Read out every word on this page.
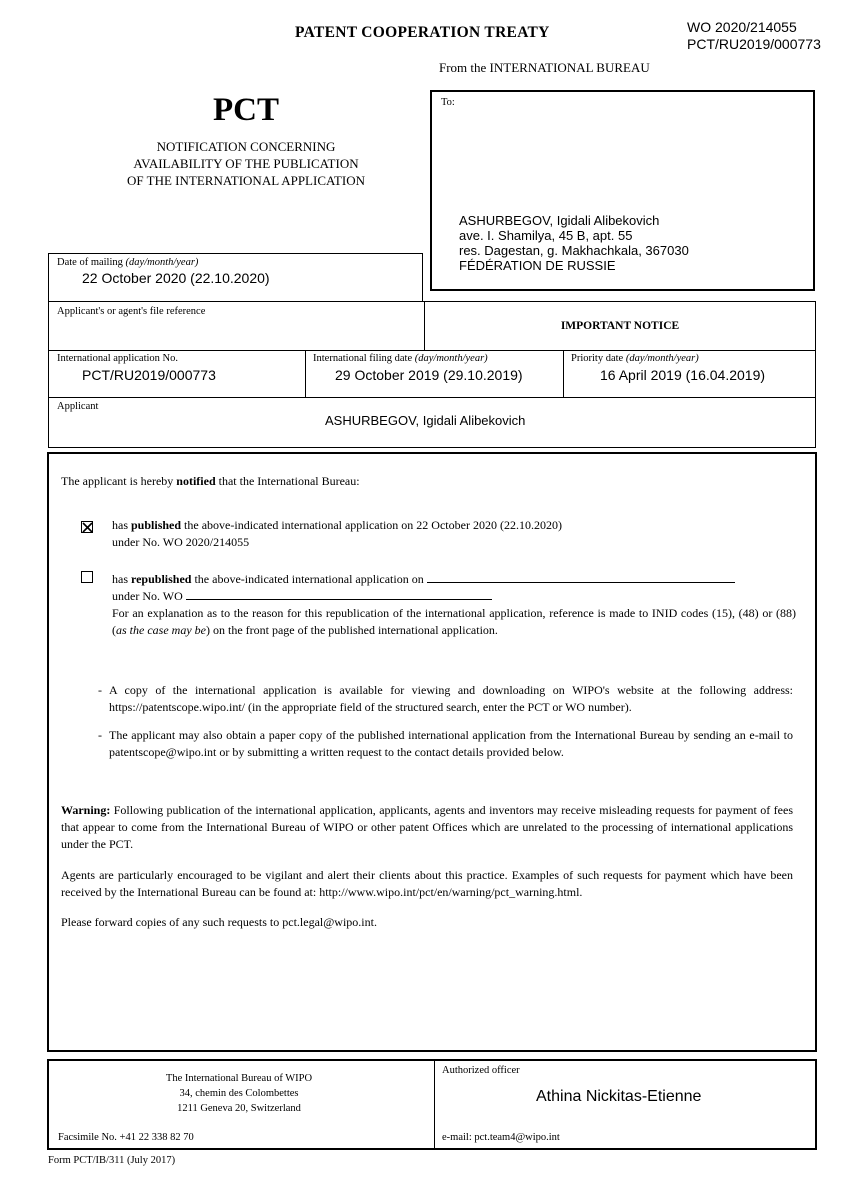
PATENT COOPERATION TREATY	WO 2020/214055
PCT/RU2019/000773
From the INTERNATIONAL BUREAU
PCT
NOTIFICATION CONCERNING
AVAILABILITY OF THE PUBLICATION
OF THE INTERNATIONAL APPLICATION
To:
ASHURBEGOV, Igidali Alibekovich
ave. I. Shamilya, 45 B, apt. 55
res. Dagestan, g. Makhachkala, 367030
FÉDÉRATION DE RUSSIE
Date of mailing (day/month/year)
22 October 2020 (22.10.2020)
Applicant's or agent's file reference
IMPORTANT NOTICE
International application No.
PCT/RU2019/000773
International filing date (day/month/year)
29 October 2019 (29.10.2019)
Priority date (day/month/year)
16 April 2019 (16.04.2019)
Applicant
ASHURBEGOV, Igidali Alibekovich
The applicant is hereby notified that the International Bureau:
has published the above-indicated international application on 22 October 2020 (22.10.2020)
under No. WO 2020/214055
has republished the above-indicated international application on
under No. WO
For an explanation as to the reason for this republication of the international application, reference is made to INID codes (15), (48) or (88) (as the case may be) on the front page of the published international application.
- A copy of the international application is available for viewing and downloading on WIPO's website at the following address: https://patentscope.wipo.int/ (in the appropriate field of the structured search, enter the PCT or WO number).
- The applicant may also obtain a paper copy of the published international application from the International Bureau by sending an e-mail to patentscope@wipo.int or by submitting a written request to the contact details provided below.
Warning: Following publication of the international application, applicants, agents and inventors may receive misleading requests for payment of fees that appear to come from the International Bureau of WIPO or other patent Offices which are unrelated to the processing of international applications under the PCT.
Agents are particularly encouraged to be vigilant and alert their clients about this practice. Examples of such requests for payment which have been received by the International Bureau can be found at: http://www.wipo.int/pct/en/warning/pct_warning.html.
Please forward copies of any such requests to pct.legal@wipo.int.
The International Bureau of WIPO
34, chemin des Colombettes
1211 Geneva 20, Switzerland
Facsimile No. +41 22 338 82 70
Authorized officer
Athina Nickitas-Etienne
e-mail: pct.team4@wipo.int
Form PCT/IB/311 (July 2017)
